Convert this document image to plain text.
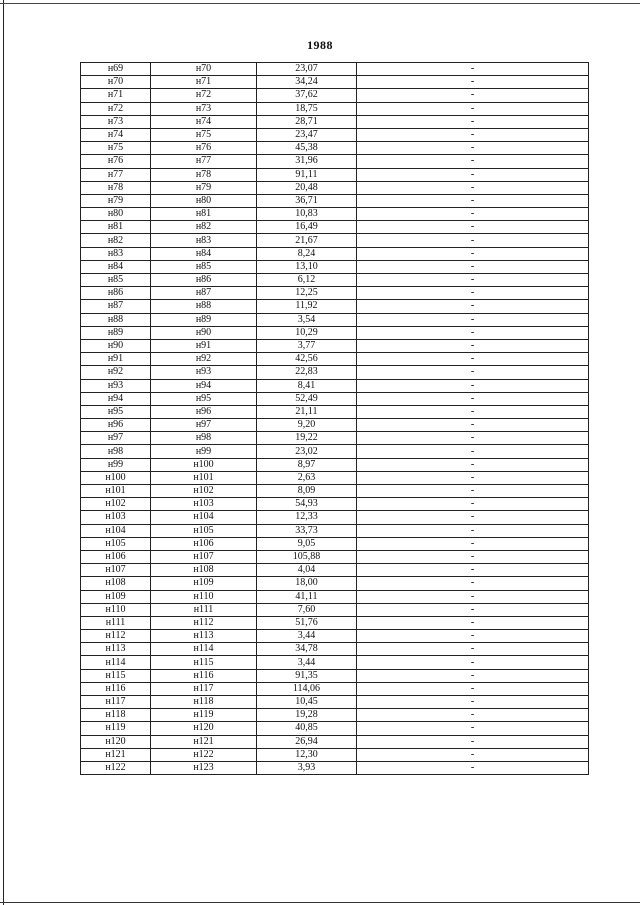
1988
н69	н70	23,07	-
н70	н71	34,24	-
н71	н72	37,62	-
н72	н73	18,75	-
н73	н74	28,71	-
н74	н75	23,47	-
н75	н76	45,38	-
н76	н77	31,96	-
н77	н78	91,11	-
н78	н79	20,48	-
н79	н80	36,71	-
н80	н81	10,83	-
н81	н82	16,49	-
н82	н83	21,67	-
н83	н84	8,24	-
н84	н85	13,10	-
н85	н86	6,12	-
н86	н87	12,25	-
н87	н88	11,92	-
н88	н89	3,54	-
н89	н90	10,29	-
н90	н91	3,77	-
н91	н92	42,56	-
н92	н93	22,83	-
н93	н94	8,41	-
н94	н95	52,49	-
н95	н96	21,11	-
н96	н97	9,20	-
н97	н98	19,22	-
н98	н99	23,02	-
н99	н100	8,97	-
н100	н101	2,63	-
н101	н102	8,09	-
н102	н103	54,93	-
н103	н104	12,33	-
н104	н105	33,73	-
н105	н106	9,05	-
н106	н107	105,88	-
н107	н108	4,04	-
н108	н109	18,00	-
н109	н110	41,11	-
н110	н111	7,60	-
н111	н112	51,76	-
н112	н113	3,44	-
н113	н114	34,78	-
н114	н115	3,44	-
н115	н116	91,35	-
н116	н117	114,06	-
н117	н118	10,45	-
н118	н119	19,28	-
н119	н120	40,85	-
н120	н121	26,94	-
н121	н122	12,30	-
н122	н123	3,93	-
